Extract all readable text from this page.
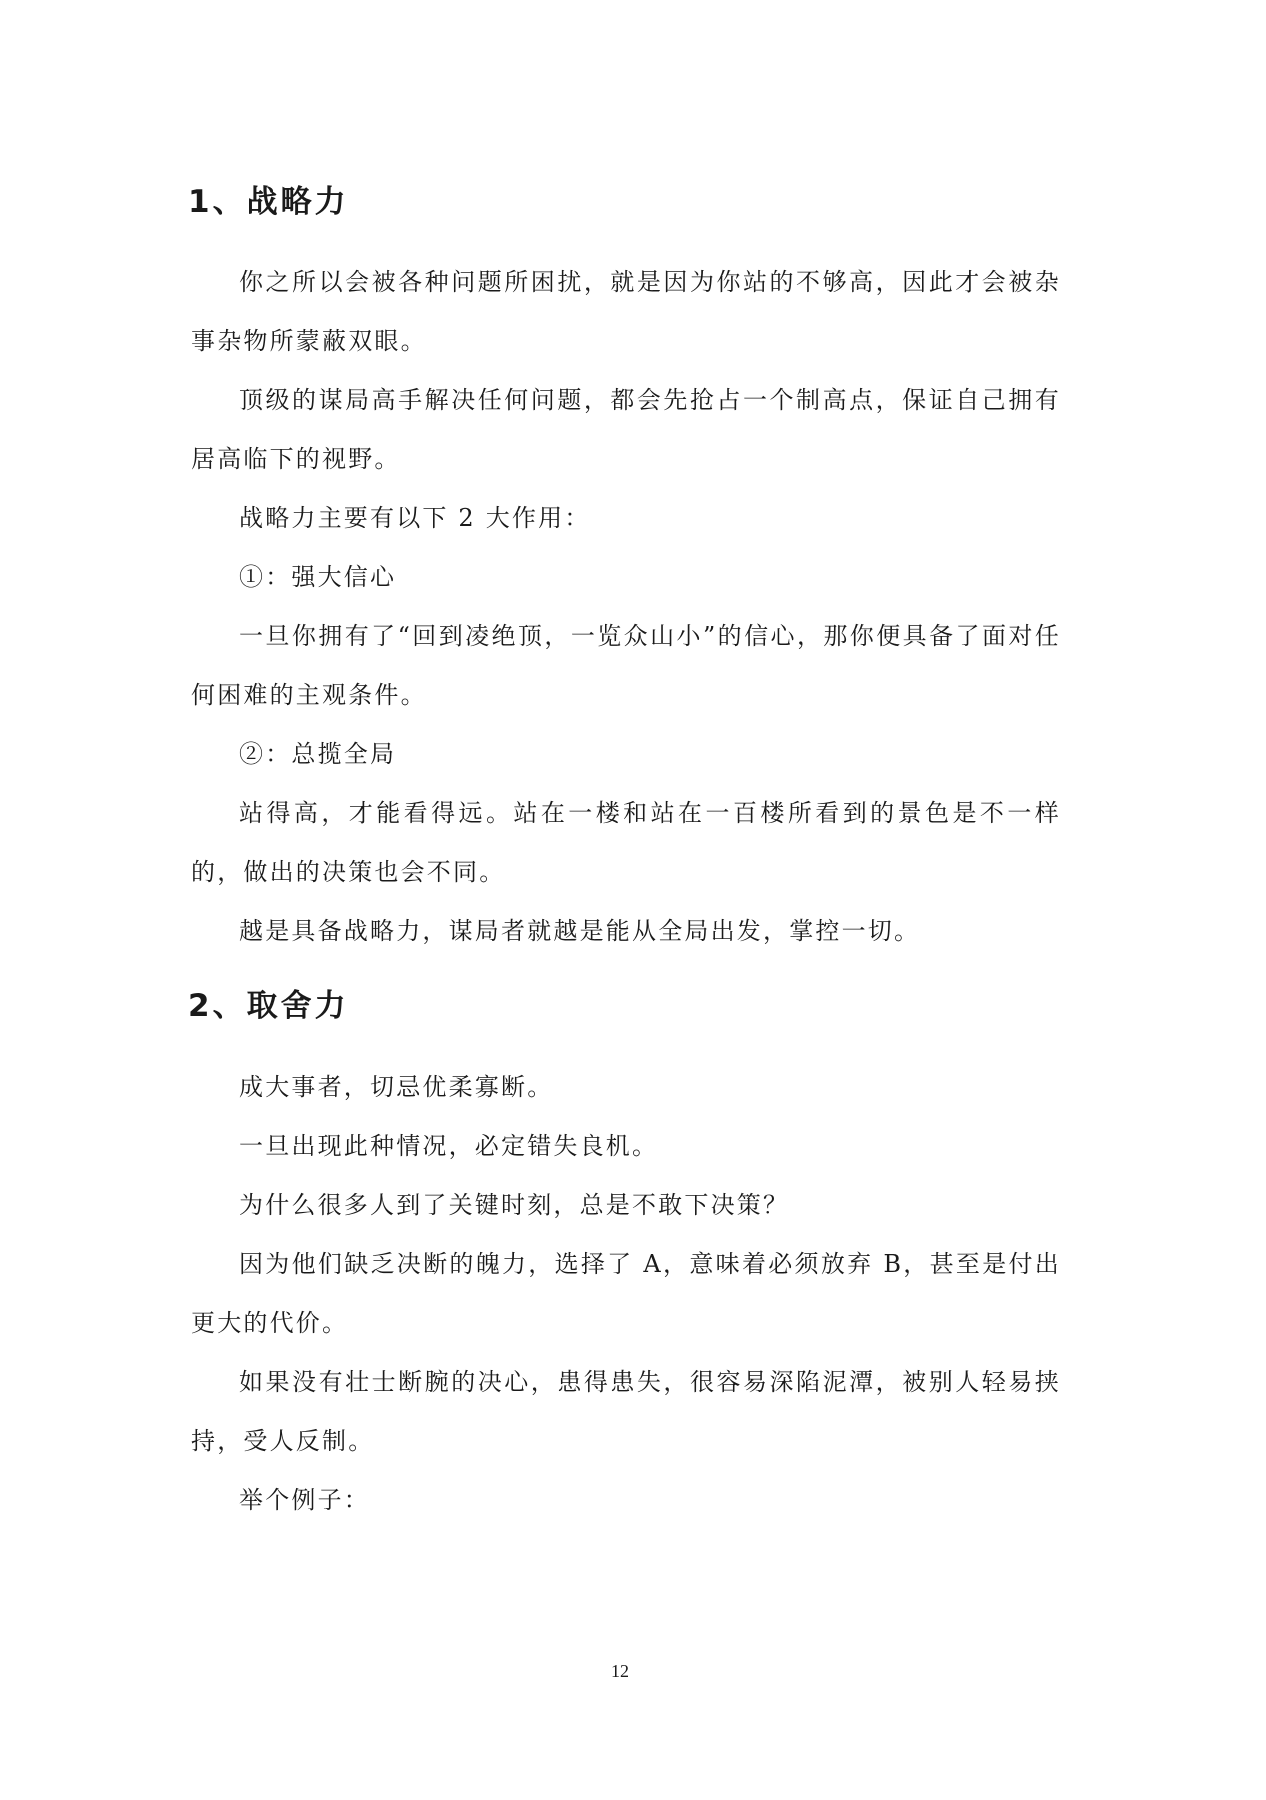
1、战略力

你之所以会被各种问题所困扰，就是因为你站的不够高，因此才会被杂事杂物所蒙蔽双眼。

顶级的谋局高手解决任何问题，都会先抢占一个制高点，保证自己拥有居高临下的视野。

战略力主要有以下 2 大作用：

①：强大信心

一旦你拥有了“回到凌绝顶，一览众山小”的信心，那你便具备了面对任何困难的主观条件。

②：总揽全局

站得高，才能看得远。站在一楼和站在一百楼所看到的景色是不一样的，做出的决策也会不同。

越是具备战略力，谋局者就越是能从全局出发，掌控一切。

2、取舍力

成大事者，切忌优柔寡断。

一旦出现此种情况，必定错失良机。

为什么很多人到了关键时刻，总是不敢下决策？

因为他们缺乏决断的魄力，选择了 A，意味着必须放弃 B，甚至是付出更大的代价。

如果没有壮士断腕的决心，患得患失，很容易深陷泥潭，被别人轻易挟持，受人反制。

举个例子：

12
